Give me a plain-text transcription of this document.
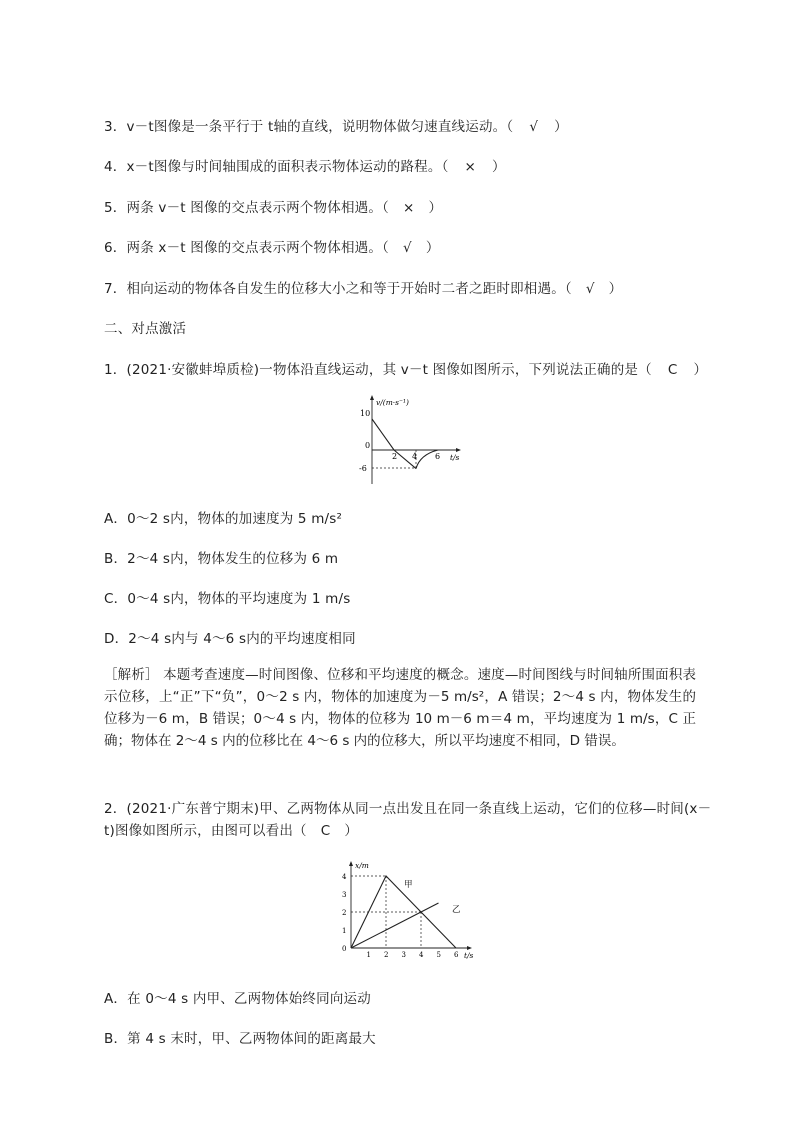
3．v－t图像是一条平行于 t轴的直线，说明物体做匀速直线运动。（ √ ）
4．x－t图像与时间轴围成的面积表示物体运动的路程。（ × ）
5．两条 v－t 图像的交点表示两个物体相遇。（ × ）
6．两条 x－t 图像的交点表示两个物体相遇。（ √ ）
7．相向运动的物体各自发生的位移大小之和等于开始时二者之距时即相遇。（ √ ）
二、对点激活
1．(2021·安徽蚌埠质检)一物体沿直线运动，其 v－t 图像如图所示，下列说法正确的是（ C ）
10
0
-6
2 4 6
v/(m·s⁻¹)
t/s
A．0～2 s内，物体的加速度为 5 m/s²
B．2～4 s内，物体发生的位移为 6 m
C．0～4 s内，物体的平均速度为 1 m/s
D．2～4 s内与 4～6 s内的平均速度相同
［解析］ 本题考查速度—时间图像、位移和平均速度的概念。速度—时间图线与时间轴所围面积表示位移，上“正”下“负”，0～2 s 内，物体的加速度为－5 m/s²，A 错误；2～4 s 内，物体发生的位移为－6 m，B 错误；0～4 s 内，物体的位移为 10 m－6 m＝4 m，平均速度为 1 m/s，C 正确；物体在 2～4 s 内的位移比在 4～6 s 内的位移大，所以平均速度不相同，D 错误。
2．(2021·广东普宁期末)甲、乙两物体从同一点出发且在同一条直线上运动，它们的位移—时间(x－
t)图像如图所示，由图可以看出（ C ）
1 2 3 4 5 6
0
1
2
3
4
甲
乙
x/m
t/s
A．在 0～4 s 内甲、乙两物体始终同向运动
B．第 4 s 末时，甲、乙两物体间的距离最大
